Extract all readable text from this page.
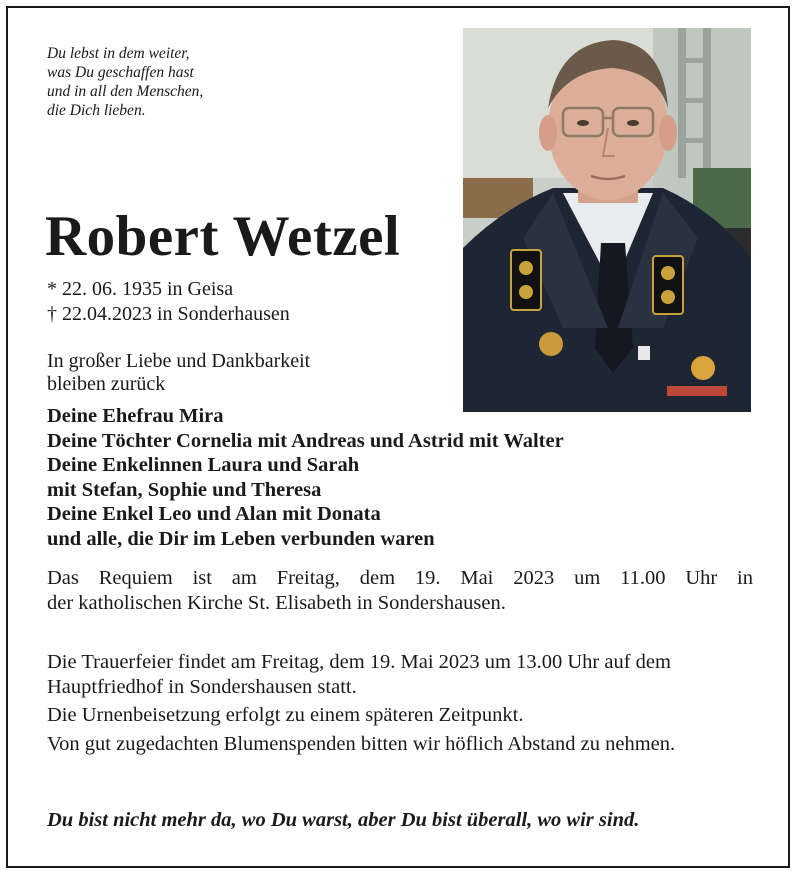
Du lebst in dem weiter,
was Du geschaffen hast
und in all den Menschen,
die Dich lieben.
Robert Wetzel
* 22. 06. 1935 in Geisa
† 22.04.2023 in Sonderhausen
In großer Liebe und Dankbarkeit
bleiben zurück
Deine Ehefrau Mira
Deine Töchter Cornelia mit Andreas und Astrid mit Walter
Deine Enkelinnen Laura und Sarah
mit Stefan, Sophie und Theresa
Deine Enkel Leo und Alan mit Donata
und alle, die Dir im Leben verbunden waren
Das Requiem ist am Freitag, dem 19. Mai 2023 um 11.00 Uhr in
der katholischen Kirche St. Elisabeth in Sondershausen.

Die Trauerfeier findet am Freitag, dem 19. Mai 2023 um 13.00 Uhr auf dem Hauptfriedhof in Sondershausen statt.

Die Urnenbeisetzung erfolgt zu einem späteren Zeitpunkt.

Von gut zugedachten Blumenspenden bitten wir höflich Abstand zu nehmen.

Du bist nicht mehr da, wo Du warst, aber Du bist überall, wo wir sind.
